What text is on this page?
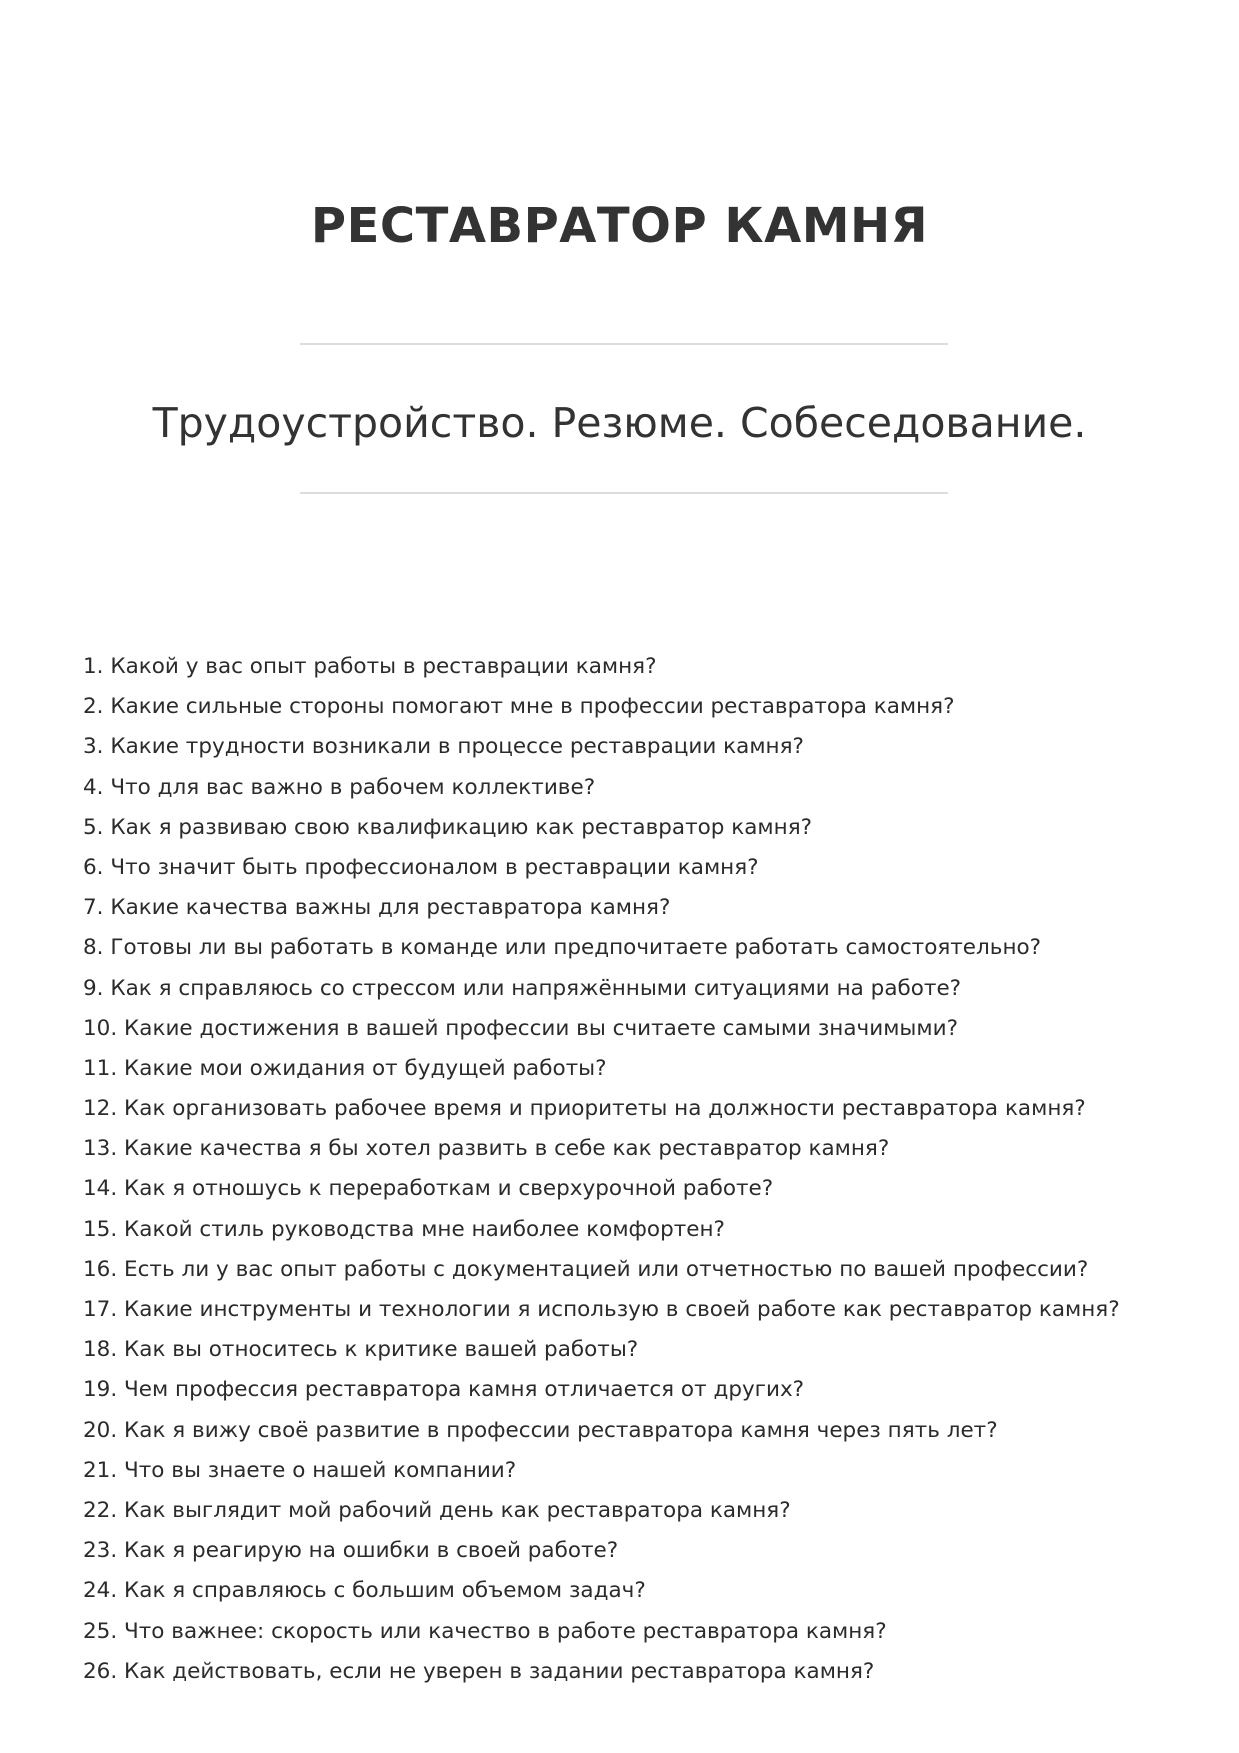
РЕСТАВРАТОР КАМНЯ
Трудоустройство. Резюме. Собеседование.
1. Какой у вас опыт работы в реставрации камня?
2. Какие сильные стороны помогают мне в профессии реставратора камня?
3. Какие трудности возникали в процессе реставрации камня?
4. Что для вас важно в рабочем коллективе?
5. Как я развиваю свою квалификацию как реставратор камня?
6. Что значит быть профессионалом в реставрации камня?
7. Какие качества важны для реставратора камня?
8. Готовы ли вы работать в команде или предпочитаете работать самостоятельно?
9. Как я справляюсь со стрессом или напряжёнными ситуациями на работе?
10. Какие достижения в вашей профессии вы считаете самыми значимыми?
11. Какие мои ожидания от будущей работы?
12. Как организовать рабочее время и приоритеты на должности реставратора камня?
13. Какие качества я бы хотел развить в себе как реставратор камня?
14. Как я отношусь к переработкам и сверхурочной работе?
15. Какой стиль руководства мне наиболее комфортен?
16. Есть ли у вас опыт работы с документацией или отчетностью по вашей профессии?
17. Какие инструменты и технологии я использую в своей работе как реставратор камня?
18. Как вы относитесь к критике вашей работы?
19. Чем профессия реставратора камня отличается от других?
20. Как я вижу своё развитие в профессии реставратора камня через пять лет?
21. Что вы знаете о нашей компании?
22. Как выглядит мой рабочий день как реставратора камня?
23. Как я реагирую на ошибки в своей работе?
24. Как я справляюсь с большим объемом задач?
25. Что важнее: скорость или качество в работе реставратора камня?
26. Как действовать, если не уверен в задании реставратора камня?
